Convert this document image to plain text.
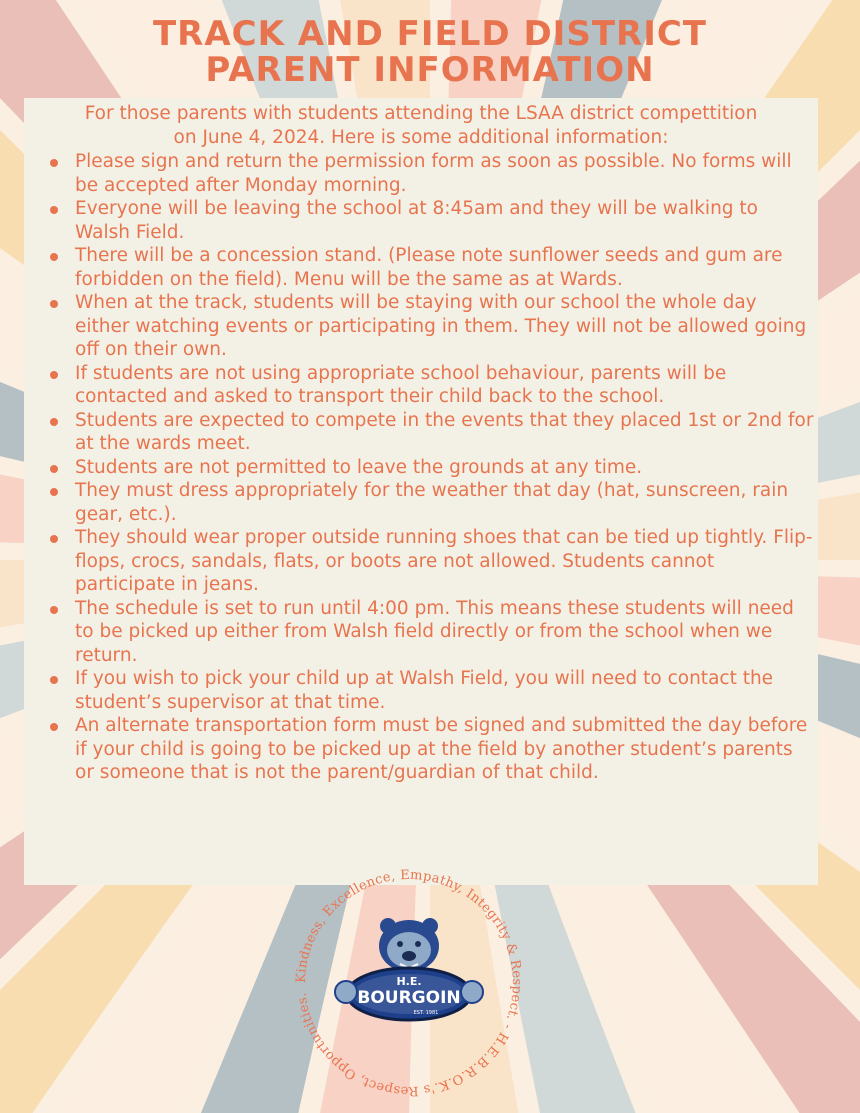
TRACK AND FIELD DISTRICT
PARENT INFORMATION
For those parents with students attending the LSAA district compettition
on June 4, 2024. Here is some additional information:
Please sign and return the permission form as soon as possible. No forms will be accepted after Monday morning.
Everyone will be leaving the school at 8:45am and they will be walking to Walsh Field.
There will be a concession stand. (Please note sunflower seeds and gum are forbidden on the field). Menu will be the same as at Wards.
When at the track, students will be staying with our school the whole day either watching events or participating in them. They will not be allowed going off on their own.
If students are not using appropriate school behaviour, parents will be contacted and asked to transport their child back to the school.
Students are expected to compete in the events that they placed 1st or 2nd for at the wards meet.
Students are not permitted to leave the grounds at any time.
They must dress appropriately for the weather that day (hat, sunscreen, rain gear, etc.).
They should wear proper outside running shoes that can be tied up tightly. Flip-flops, crocs, sandals, flats, or boots are not allowed. Students cannot participate in jeans.
The schedule is set to run until 4:00 pm. This means these students will need to be picked up either from Walsh field directly or from the school when we return.
If you wish to pick your child up at Walsh Field, you will need to contact the student’s supervisor at that time.
An alternate transportation form must be signed and submitted the day before if your child is going to be picked up at the field by another student’s parents or someone that is not the parent/guardian of that child.
Kindness, Excellence, Empathy, Integrity & Respect. - H.E.B.R.O.K.'s Respect, Opportunities.
H.E.
BOURGOIN
EST. 1981
